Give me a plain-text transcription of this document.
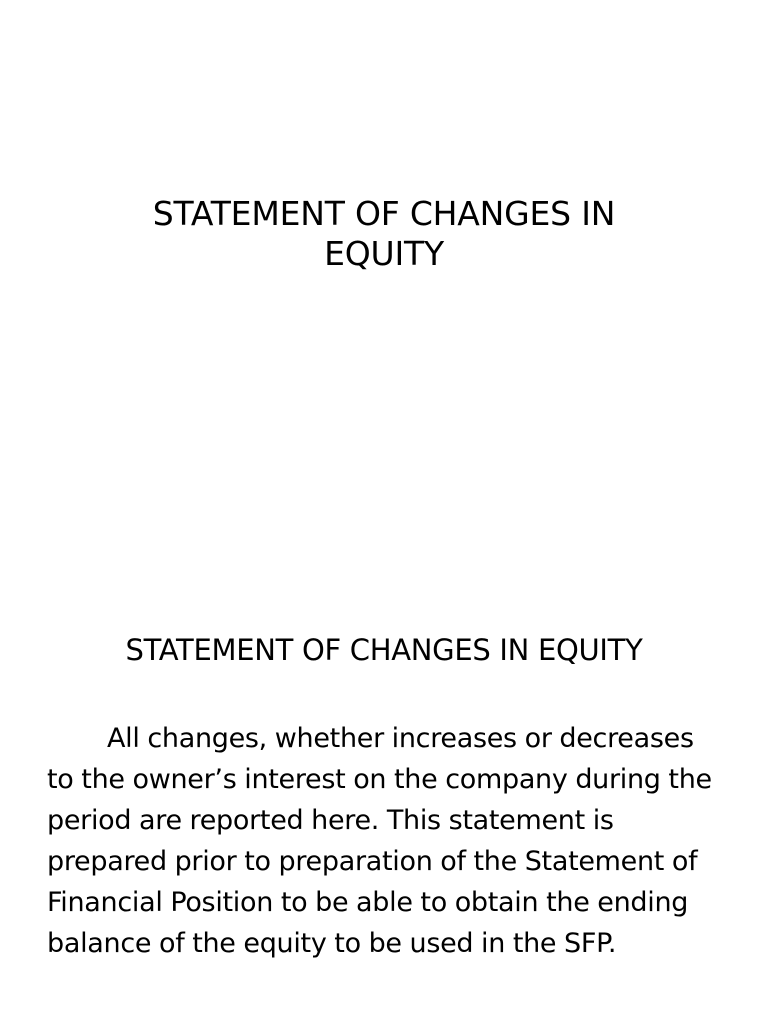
STATEMENT OF CHANGES IN
EQUITY
STATEMENT OF CHANGES IN EQUITY

All changes, whether increases or decreases to the owner’s interest on the company during the period are reported here. This statement is prepared prior to preparation of the Statement of Financial Position to be able to obtain the ending balance of the equity to be used in the SFP.
